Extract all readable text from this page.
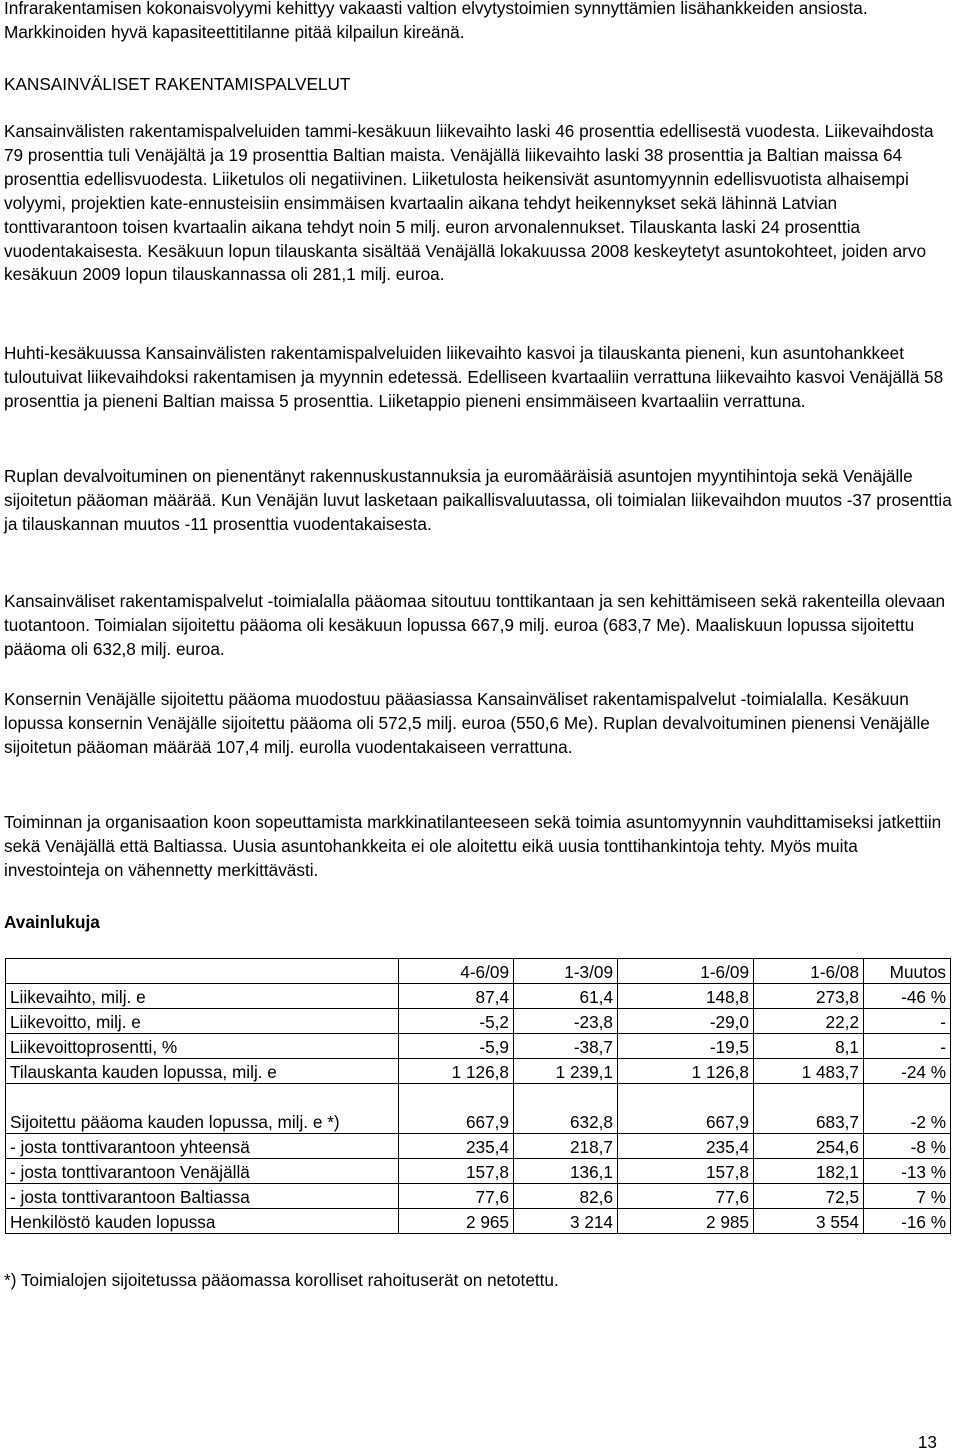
Infrarakentamisen kokonaisvolyymi kehittyy vakaasti valtion elvytystoimien synnyttämien lisähankkeiden ansiosta. Markkinoiden hyvä kapasiteettitilanne pitää kilpailun kireänä.

KANSAINVÄLISET RAKENTAMISPALVELUT

Kansainvälisten rakentamispalveluiden tammi-kesäkuun liikevaihto laski 46 prosenttia edellisestä vuodesta. Liikevaihdosta 79 prosenttia tuli Venäjältä ja 19 prosenttia Baltian maista. Venäjällä liikevaihto laski 38 prosenttia ja Baltian maissa 64 prosenttia edellisvuodesta. Liiketulos oli negatiivinen. Liiketulosta heikensivät asuntomyynnin edellisvuotista alhaisempi volyymi, projektien kate-ennusteisiin ensimmäisen kvartaalin aikana tehdyt heikennykset sekä lähinnä Latvian tonttivarantoon toisen kvartaalin aikana tehdyt noin 5 milj. euron arvonalennukset. Tilauskanta laski 24 prosenttia vuodentakaisesta. Kesäkuun lopun tilauskanta sisältää Venäjällä lokakuussa 2008 keskeytetyt asuntokohteet, joiden arvo kesäkuun 2009 lopun tilauskannassa oli 281,1 milj. euroa.

Huhti-kesäkuussa Kansainvälisten rakentamispalveluiden liikevaihto kasvoi ja tilauskanta pieneni, kun asuntohankkeet tuloutuivat liikevaihdoksi rakentamisen ja myynnin edetessä. Edelliseen kvartaaliin verrattuna liikevaihto kasvoi Venäjällä 58 prosenttia ja pieneni Baltian maissa 5 prosenttia. Liiketappio pieneni ensimmäiseen kvartaaliin verrattuna.

Ruplan devalvoituminen on pienentänyt rakennuskustannuksia ja euromääräisiä asuntojen myyntihintoja sekä Venäjälle sijoitetun pääoman määrää. Kun Venäjän luvut lasketaan paikallisvaluutassa, oli toimialan liikevaihdon muutos -37 prosenttia ja tilauskannan muutos -11 prosenttia vuodentakaisesta.

Kansainväliset rakentamispalvelut -toimialalla pääomaa sitoutuu tonttikantaan ja sen kehittämiseen sekä rakenteilla olevaan tuotantoon. Toimialan sijoitettu pääoma oli kesäkuun lopussa 667,9 milj. euroa (683,7 Me). Maaliskuun lopussa sijoitettu pääoma oli 632,8 milj. euroa.

Konsernin Venäjälle sijoitettu pääoma muodostuu pääasiassa Kansainväliset rakentamispalvelut -toimialalla. Kesäkuun lopussa konsernin Venäjälle sijoitettu pääoma oli 572,5 milj. euroa (550,6 Me). Ruplan devalvoituminen pienensi Venäjälle sijoitetun pääoman määrää 107,4 milj. eurolla vuodentakaiseen verrattuna.

Toiminnan ja organisaation koon sopeuttamista markkinatilanteeseen sekä toimia asuntomyynnin vauhdittamiseksi jatkettiin sekä Venäjällä että Baltiassa. Uusia asuntohankkeita ei ole aloitettu eikä uusia tonttihankintoja tehty. Myös muita investointeja on vähennetty merkittävästi.

Avainlukuja
	4-6/09	1-3/09	1-6/09	1-6/08	Muutos
Liikevaihto, milj. e	87,4	61,4	148,8	273,8	-46 %
Liikevoitto, milj. e	-5,2	-23,8	-29,0	22,2	-
Liikevoittoprosentti, %	-5,9	-38,7	-19,5	8,1	-
Tilauskanta kauden lopussa, milj. e	1 126,8	1 239,1	1 126,8	1 483,7	-24 %
Sijoitettu pääoma kauden lopussa, milj. e *)	667,9	632,8	667,9	683,7	-2 %
- josta tonttivarantoon yhteensä	235,4	218,7	235,4	254,6	-8 %
- josta tonttivarantoon Venäjällä	157,8	136,1	157,8	182,1	-13 %
- josta tonttivarantoon Baltiassa	77,6	82,6	77,6	72,5	7 %
Henkilöstö kauden lopussa	2 965	3 214	2 985	3 554	-16 %

*) Toimialojen sijoitetussa pääomassa korolliset rahoituserät on netotettu.

13
